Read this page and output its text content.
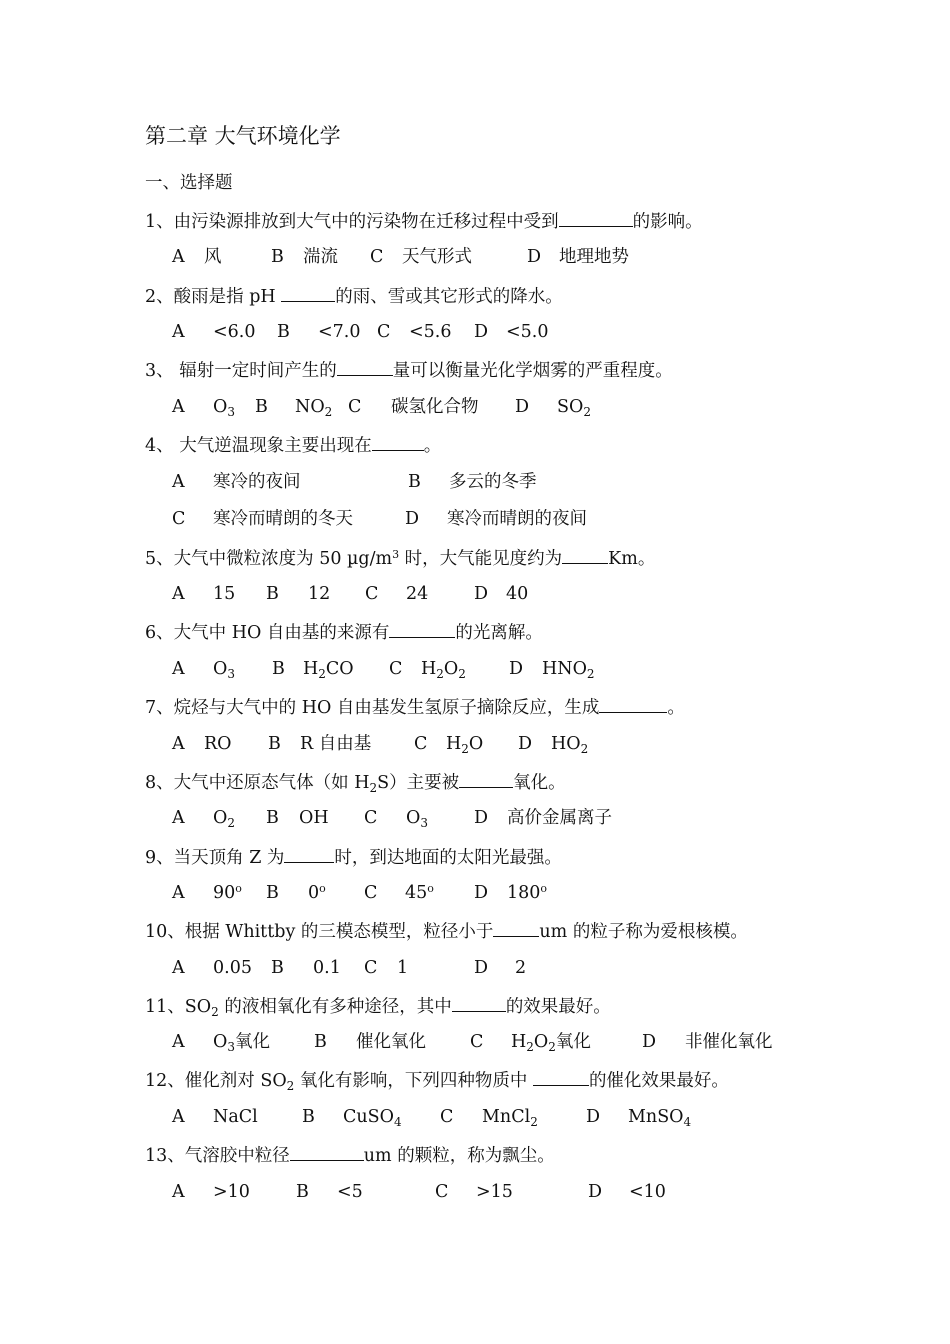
第二章 大气环境化学
一、选择题
1、由污染源排放到大气中的污染物在迁移过程中受到	的影响。
A 风	B 湍流 C 天气形式	D 地理地势
2、酸雨是指 pH	的雨、雪或其它形式的降水。
A <6.0 B <7.0 C <5.6 D <5.0
3、 辐射一定时间产生的	量可以衡量光化学烟雾的严重程度。
A $O_3$ B $NO_2$ C 碳氢化合物 D $SO_2$
4、 大气逆温现象主要出现在	。
A 寒冷的夜间	B 多云的冬季
C 寒冷而晴朗的冬天	D 寒冷而晴朗的夜间
5、大气中微粒浓度为 50 $\mu g/m^3$ 时，大气能见度约为	Km。
A 15 B 12 C 24	D 40
6、大气中 HO 自由基的来源有	的光离解。
A $O_3$ B $H_2CO$ C $H_2O_2$ D $HNO_2$
7、烷烃与大气中的 HO 自由基发生氢原子摘除反应，生成	。
A RO B R 自由基 C $H_2O$ D $HO_2$
8、大气中还原态气体（如 $H_2S$）主要被	氧化。
A $O_2$ B OH C $O_3$	D 高价金属离子
9、当天顶角 Z 为	时，到达地面的太阳光最强。
A 90$^o$ B 0$^o$ C 45$^o$ D 180$^o$
10、根据 Whittby 的三模态模型，粒径小于	um 的粒子称为爱根核模。
A 0.05 B 0.1 C 1	D 2
11、$SO_2$ 的液相氧化有多种途径，其中	的效果最好。
A $O_3$氧化	B 催化氧化	C $H_2O_2$氧化	D 非催化氧化
12、催化剂对 $SO_2$ 氧化有影响，下列四种物质中	的催化效果最好。
A NaCl	B CuSO$_4$ C MnCl$_2$	D MnSO$_4$
13、气溶胶中粒径	um 的颗粒，称为飘尘。
A >10	B <5	C >15	D <10
